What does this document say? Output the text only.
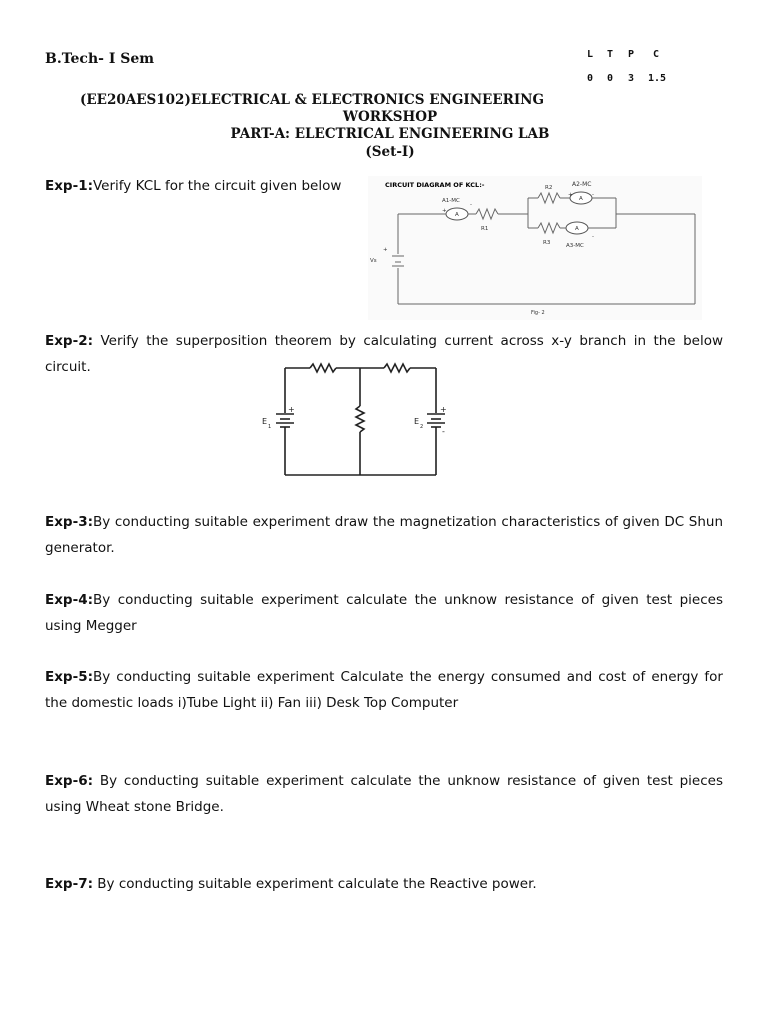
B.Tech- I Sem	L T P C
0 0 3 1.5
(EE20AES102)ELECTRICAL & ELECTRONICS ENGINEERING
WORKSHOP
PART-A: ELECTRICAL ENGINEERING LAB
(Set-I)
Exp-1:Verify KCL for the circuit given below	CIRCUIT DIAGRAM OF KCL:-
A
A
A
A1-MC
A2-MC
A3-MC
R1
R2
R3
Vs
+
+
-
+	-
-
Fig- 2
Exp-2: Verify the superposition theorem by calculating current across x-y branch in the below circuit.
E
1
E
2
+	+
-
Exp-3:By conducting suitable experiment draw the magnetization characteristics of given DC Shun generator.
Exp-4:By conducting suitable experiment calculate the unknow resistance of given test pieces using Megger
Exp-5:By conducting suitable experiment Calculate the energy consumed and cost of energy for the domestic loads i)Tube Light ii) Fan iii) Desk Top Computer
Exp-6: By conducting suitable experiment calculate the unknow resistance of given test pieces using Wheat stone Bridge.
Exp-7: By conducting suitable experiment calculate the Reactive power.
